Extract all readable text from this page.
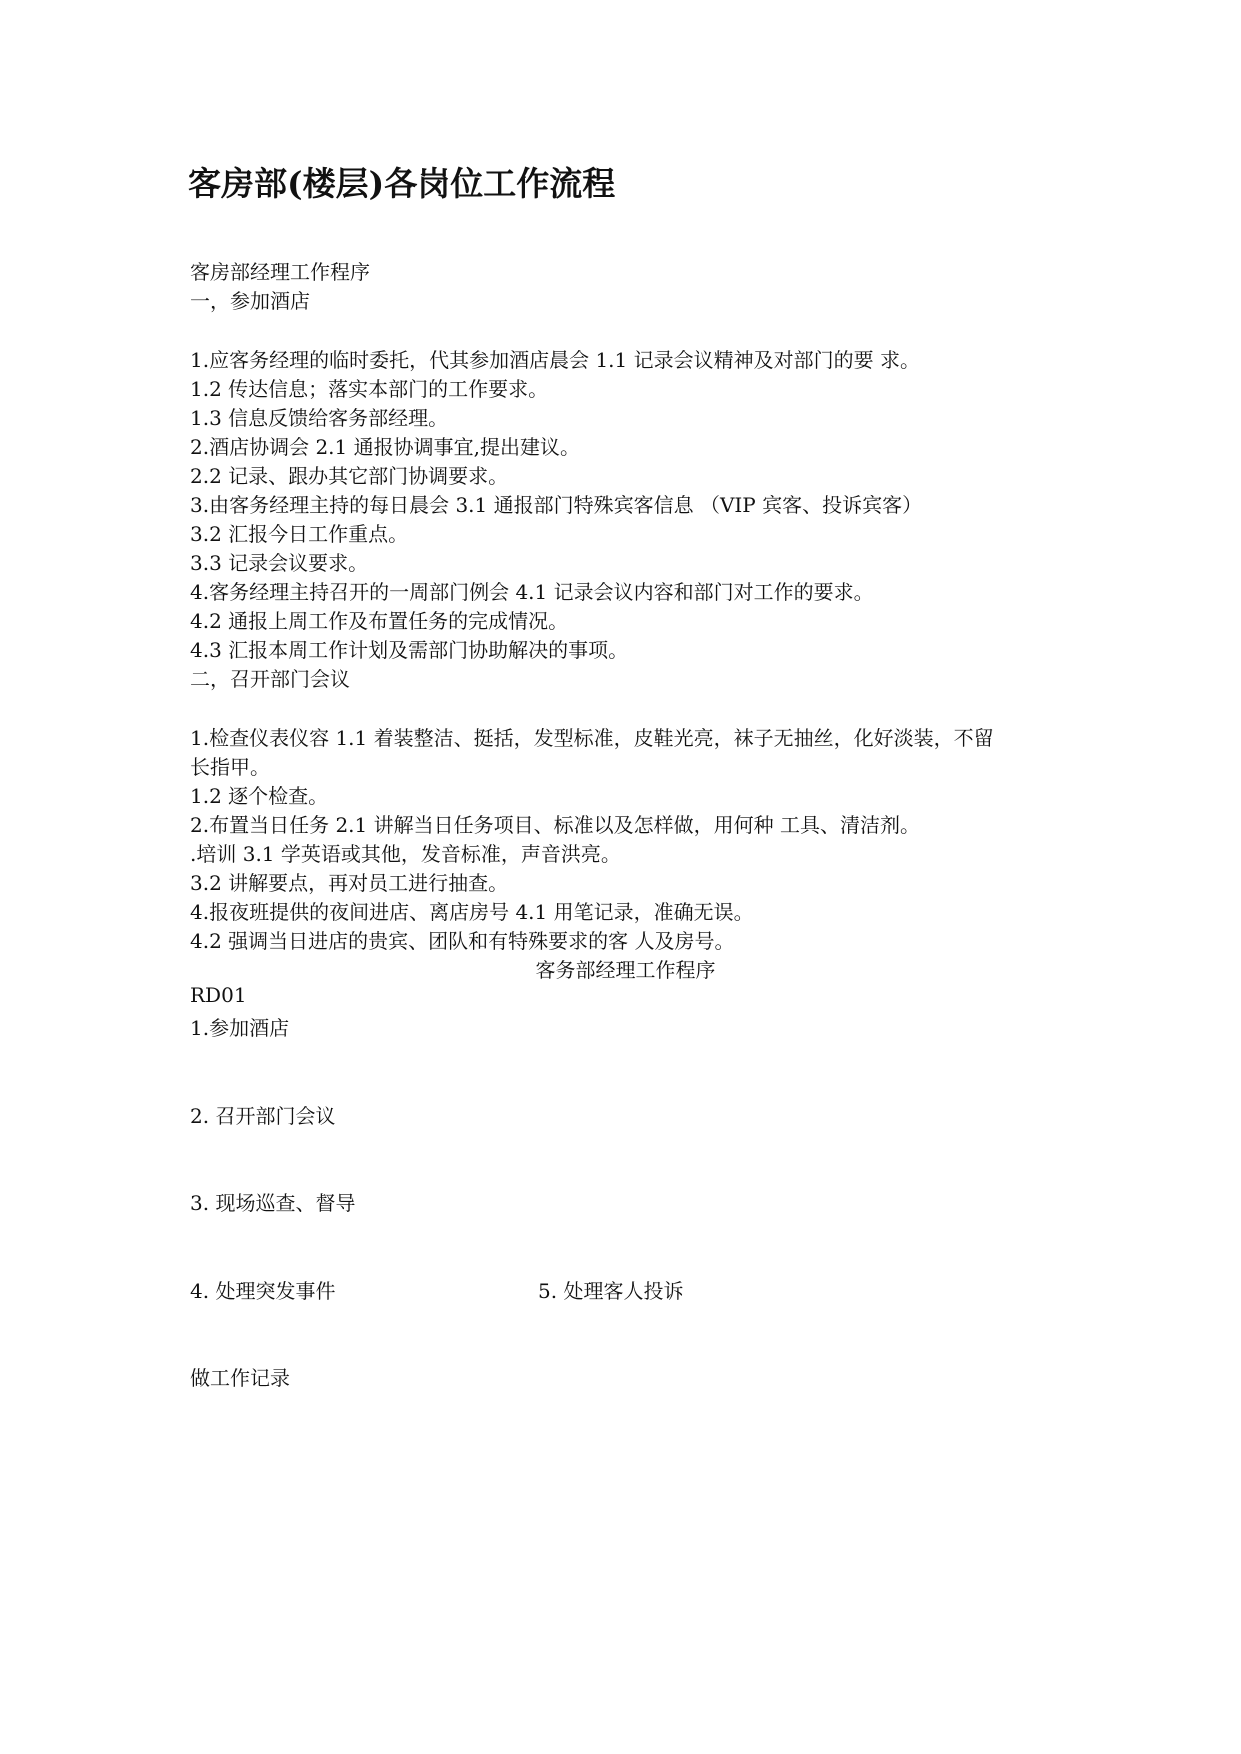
客房部(楼层)各岗位工作流程

客房部经理工作程序

一，参加酒店

1.应客务经理的临时委托，代其参加酒店晨会 1.1 记录会议精神及对部门的要 求。

1.2 传达信息；落实本部门的工作要求。

1.3 信息反馈给客务部经理。

2.酒店协调会 2.1 通报协调事宜,提出建议。

2.2 记录、跟办其它部门协调要求。

3.由客务经理主持的每日晨会 3.1 通报部门特殊宾客信息 （VIP 宾客、投诉宾客）

3.2 汇报今日工作重点。

3.3 记录会议要求。

4.客务经理主持召开的一周部门例会 4.1 记录会议内容和部门对工作的要求。

4.2 通报上周工作及布置任务的完成情况。

4.3 汇报本周工作计划及需部门协助解决的事项。

二，召开部门会议

1.检查仪表仪容 1.1 着装整洁、挺括，发型标准，皮鞋光亮，袜子无抽丝，化好淡装，不留

长指甲。

1.2 逐个检查。

2.布置当日任务 2.1 讲解当日任务项目、标准以及怎样做，用何种 工具、清洁剂。

.培训 3.1 学英语或其他，发音标准，声音洪亮。

3.2 讲解要点，再对员工进行抽查。

4.报夜班提供的夜间进店、离店房号 4.1 用笔记录，准确无误。

4.2 强调当日进店的贵宾、团队和有特殊要求的客 人及房号。

客务部经理工作程序

RD01

1.参加酒店

2. 召开部门会议

3. 现场巡查、督导

4. 处理突发事件	5. 处理客人投诉

做工作记录
